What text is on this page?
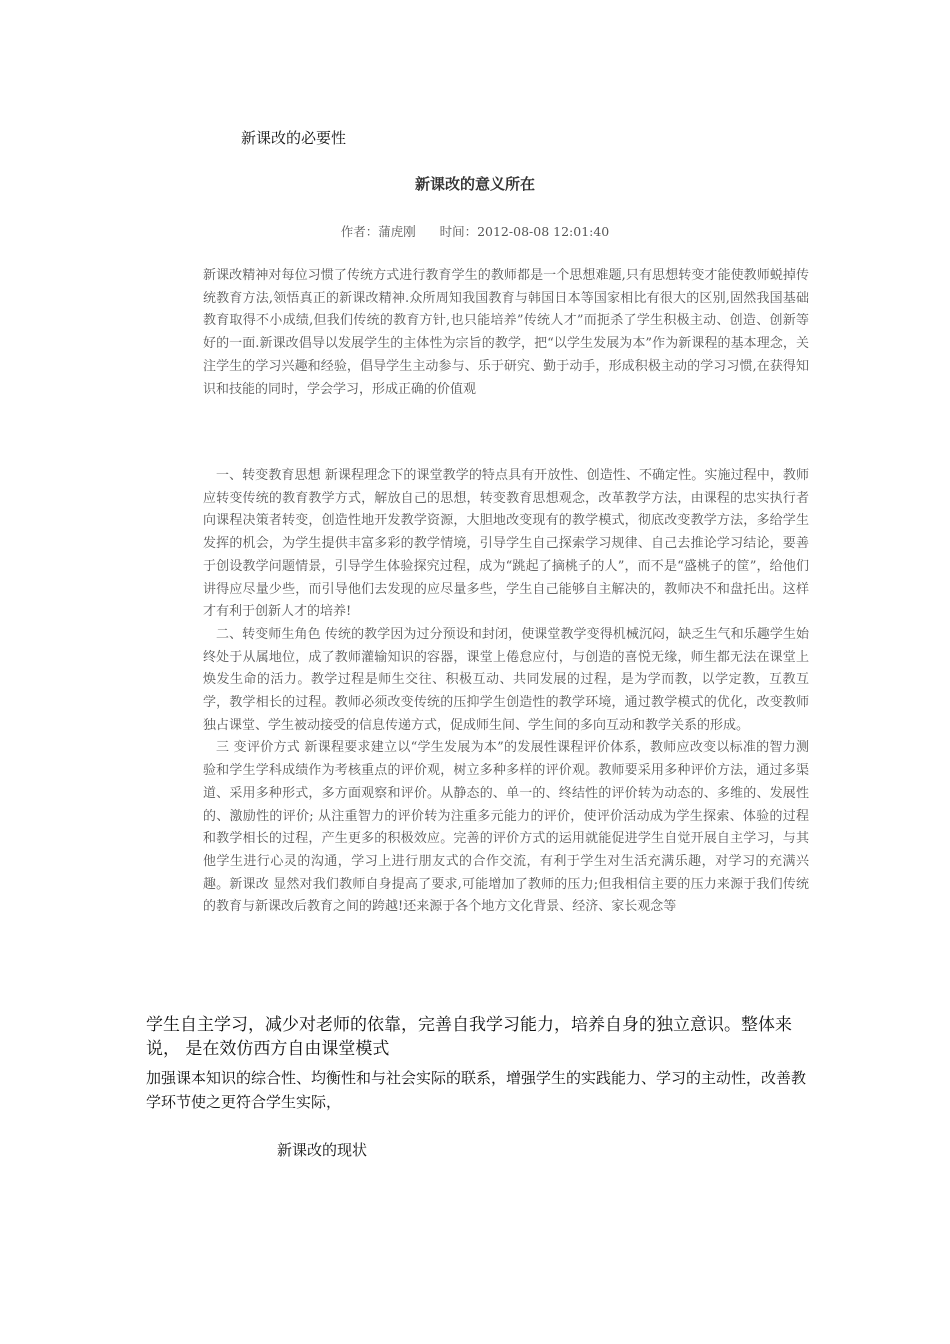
新课改的必要性
新课改的意义所在
作者：蒲虎刚 时间：2012-08-08 12:01:40

新课改精神对每位习惯了传统方式进行教育学生的教师都是一个思想难题,只有思想转变才能使教师蜕掉传统教育方法,领悟真正的新课改精神.众所周知我国教育与韩国日本等国家相比有很大的区别,固然我国基础教育取得不小成绩,但我们传统的教育方针,也只能培养”传统人才”而扼杀了学生积极主动、创造、创新等好的一面.新课改倡导以发展学生的主体性为宗旨的教学，把“以学生发展为本”作为新课程的基本理念，关注学生的学习兴趣和经验，倡导学生主动参与、乐于研究、勤于动手，形成积极主动的学习习惯,在获得知识和技能的同时，学会学习，形成正确的价值观

一、转变教育思想 新课程理念下的课堂教学的特点具有开放性、创造性、不确定性。实施过程中，教师应转变传统的教育教学方式，解放自己的思想，转变教育思想观念，改革教学方法，由课程的忠实执行者向课程决策者转变，创造性地开发教学资源，大胆地改变现有的教学模式，彻底改变教学方法，多给学生发挥的机会，为学生提供丰富多彩的教学情境，引导学生自己探索学习规律、自己去推论学习结论，要善于创设教学问题情景，引导学生体验探究过程，成为“跳起了摘桃子的人”，而不是“盛桃子的筐”，给他们讲得应尽量少些，而引导他们去发现的应尽量多些，学生自己能够自主解决的，教师决不和盘托出。这样才有利于创新人才的培养!

二、转变师生角色 传统的教学因为过分预设和封闭，使课堂教学变得机械沉闷，缺乏生气和乐趣学生始终处于从属地位，成了教师灌输知识的容器，课堂上倦怠应付，与创造的喜悦无缘，师生都无法在课堂上焕发生命的活力。教学过程是师生交往、积极互动、共同发展的过程，是为学而教，以学定教，互教互学，教学相长的过程。教师必须改变传统的压抑学生创造性的教学环境，通过教学模式的优化，改变教师独占课堂、学生被动接受的信息传递方式，促成师生间、学生间的多向互动和教学关系的形成。

三 变评价方式 新课程要求建立以“学生发展为本”的发展性课程评价体系，教师应改变以标准的智力测验和学生学科成绩作为考核重点的评价观，树立多种多样的评价观。教师要采用多种评价方法，通过多渠道、采用多种形式，多方面观察和评价。从静态的、单一的、终结性的评价转为动态的、多维的、发展性的、激励性的评价; 从注重智力的评价转为注重多元能力的评价，使评价活动成为学生探索、体验的过程和教学相长的过程，产生更多的积极效应。完善的评价方式的运用就能促进学生自觉开展自主学习，与其他学生进行心灵的沟通，学习上进行朋友式的合作交流，有利于学生对生活充满乐趣，对学习的充满兴趣。新课改 显然对我们教师自身提高了要求,可能增加了教师的压力;但我相信主要的压力来源于我们传统的教育与新课改后教育之间的跨越!还来源于各个地方文化背景、经济、家长观念等

学生自主学习，减少对老师的依靠，完善自我学习能力，培养自身的独立意识。整体来说， 是在效仿西方自由课堂模式
加强课本知识的综合性、均衡性和与社会实际的联系，增强学生的实践能力、学习的主动性，改善教学环节使之更符合学生实际，
新课改的现状
